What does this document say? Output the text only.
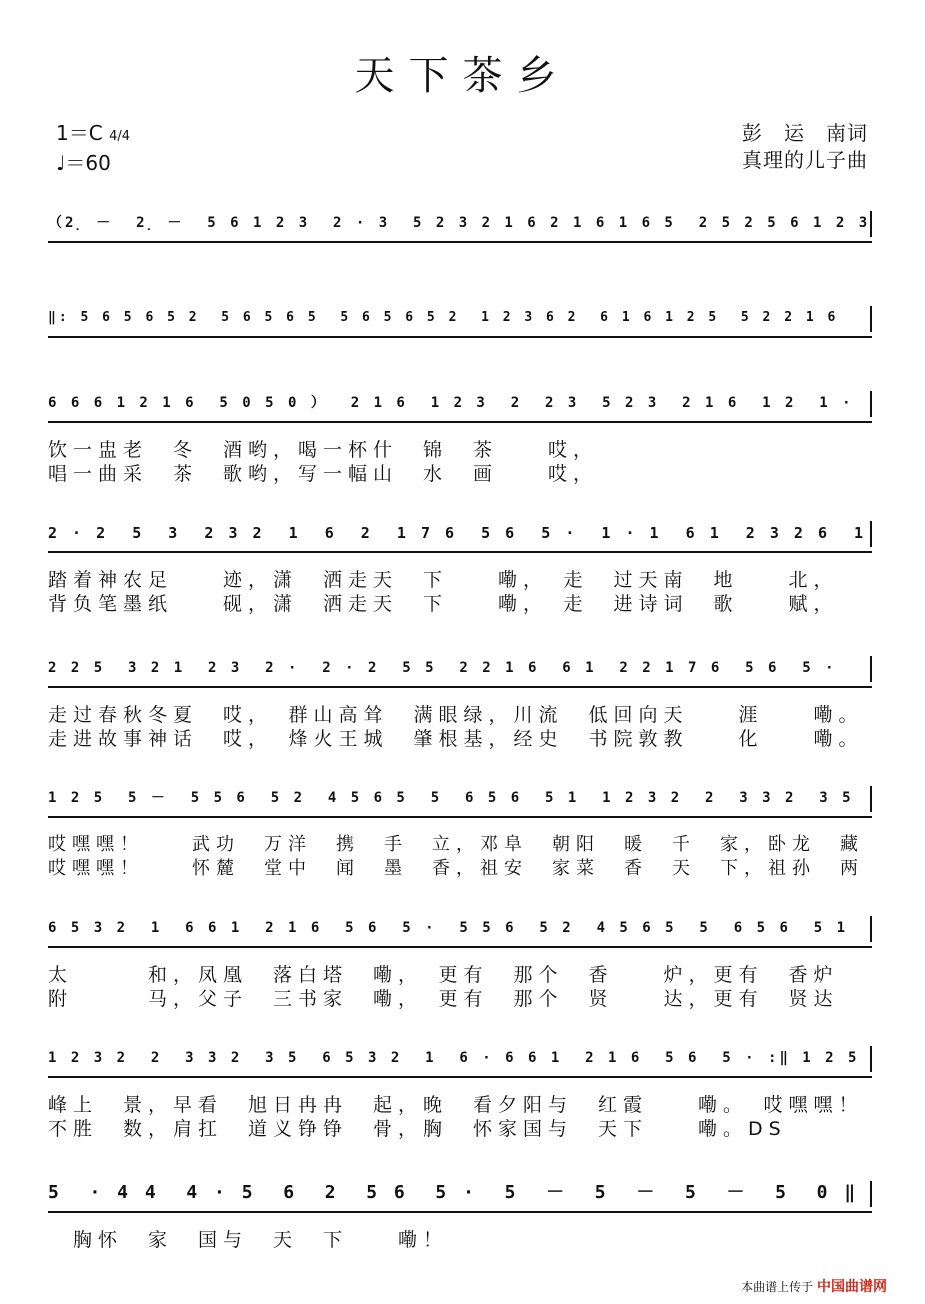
天下茶乡
1＝C 4/4
♩＝60
彭　运　南词
真理的儿子曲
（2̣ －  2̣ －  5 6 1 2 3  2 · 3  5 2 3 2 1 6 2 1 6 1 6 5  2 5 2 5 6 1 2 3
‖: 5 6 5 6 5 2  5 6 5 6 5  5 6 5 6 5 2  1 2 3 6 2  6 1 6 1 2 5  5 2 2 1 6
6 6 6 1 2 1 6  5 0 5 0 ）  2 1 6  1 2 3  2  2 3  5 2 3  2 1 6  1 2  1 ·
饮一盅老　冬　酒哟，喝一杯什　锦　茶　　哎，
唱一曲采　茶　歌哟，写一幅山　水　画　　哎，
2 · 2  5  3  2 3 2  1  6  2  1 7 6  5 6  5 ·  1 · 1  6 1  2 3 2 6  1
踏着神农足　　迹，潇　洒走天　下　　嘞，　走　过天南　地　　北，
背负笔墨纸　　砚，潇　洒走天　下　　嘞，　走　进诗词　歌　　赋，
2 2 5  3 2 1  2 3  2 ·  2 · 2  5 5  2 2 1 6  6 1  2 2 1 7 6  5 6  5 ·
走过春秋冬夏　哎，　群山高耸　满眼绿，川流　低回向天　　涯　　嘞。
走进故事神话　哎，　烽火王城　肇根基，经史　书院敦教　　化　　嘞。
1 2 5  5 －  5 5 6  5 2  4 5 6 5  5  6 5 6  5 1  1 2 3 2  2  3 3 2  3 5
哎嘿嘿！　　武功　万洋　携　手　立，邓阜　朝阳　暖　千　家，卧龙　藏
哎嘿嘿！　　怀麓　堂中　闻　墨　香，祖安　家菜　香　天　下，祖孙　两
6 5 3 2  1  6 6 1  2 1 6  5 6  5 ·  5 5 6  5 2  4 5 6 5  5  6 5 6  5 1
太　　　和，凤凰　落白塔　嘞，　更有　那个　香　　炉，更有　香炉
附　　　马，父子　三书家　嘞，　更有　那个　贤　　达，更有　贤达
1 2 3 2  2  3 3 2  3 5  6 5 3 2  1  6 · 6 6 1  2 1 6  5 6  5 · :‖ 1 2 5
峰上　景，早看　旭日冉冉　起，晚　看夕阳与　红霞　　嘞。　哎嘿嘿！
不胜　数，肩扛　道义铮铮　骨，胸　怀家国与　天下　　嘞。DS
5  · 4 4  4 · 5  6  2  5 6  5 ·  5  －  5  －  5  －  5  0 ‖
　胸怀　家　国与　天　下　　嘞！
本曲谱上传于 中国曲谱网
